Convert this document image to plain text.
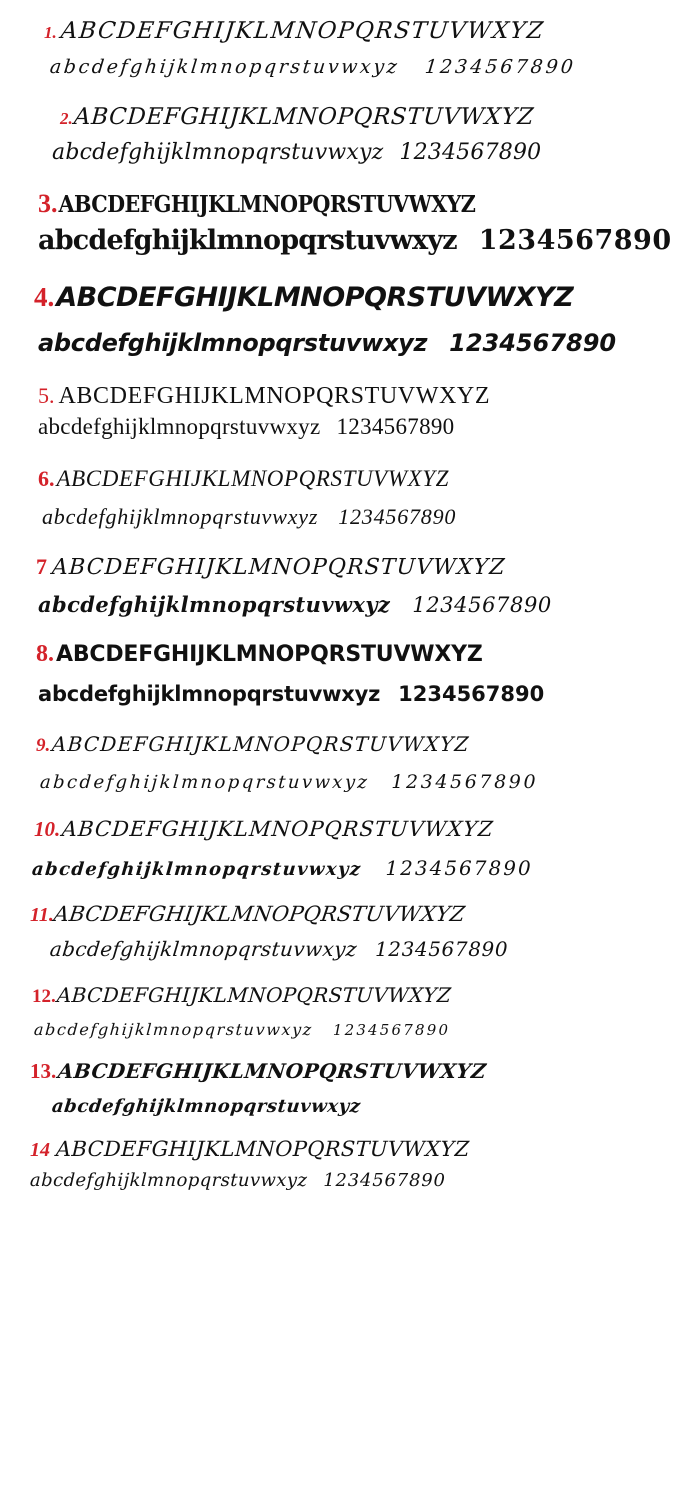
1. ABCDEFGHIJKLMNOPQRSTUVWXYZ
abcdefghijklmnopqrstuvwxyz 1234567890
2. ABCDEFGHIJKLMNOPQRSTUVWXYZ
abcdefghijklmnopqrstuvwxyz 1234567890
3. ABCDEFGHIJKLMNOPQRSTUVWXYZ
abcdefghijklmnopqrstuvwxyz 1234567890
4. ABCDEFGHIJKLMNOPQRSTUVWXYZ
abcdefghijklmnopqrstuvwxyz 1234567890
5. ABCDEFGHIJKLMNOPQRSTUVWXYZ
abcdefghijklmnopqrstuvwxyz 1234567890
6. ABCDEFGHIJKLMNOPQRSTUVWXYZ
abcdefghijklmnopqrstuvwxyz 1234567890
7 ABCDEFGHIJKLMNOPQRSTUVWXYZ
abcdefghijklmnopqrstuvwxyz 1234567890
8. ABCDEFGHIJKLMNOPQRSTUVWXYZ
abcdefghijklmnopqrstuvwxyz 1234567890
9. ABCDEFGHIJKLMNOPQRSTUVWXYZ
abcdefghijklmnopqrstuvwxyz 1234567890
10. ABCDEFGHIJKLMNOPQRSTUVWXYZ
abcdefghijklmnopqrstuvwxyz 1234567890
11.
ABCDEFGHIJKLMNOPQRSTUVWXYZ
abcdefghijklmnopqrstuvwxyz 1234567890
12. ABCDEFGHIJKLMNOPQRSTUVWXYZ
abcdefghijklmnopqrstuvwxyz 1234567890
13. ABCDEFGHIJKLMNOPQRSTUVWXYZ
abcdefghijklmnopqrstuvwxyz
14 ABCDEFGHIJKLMNOPQRSTUVWXYZ
abcdefghijklmnopqrstuvwxyz 1234567890
